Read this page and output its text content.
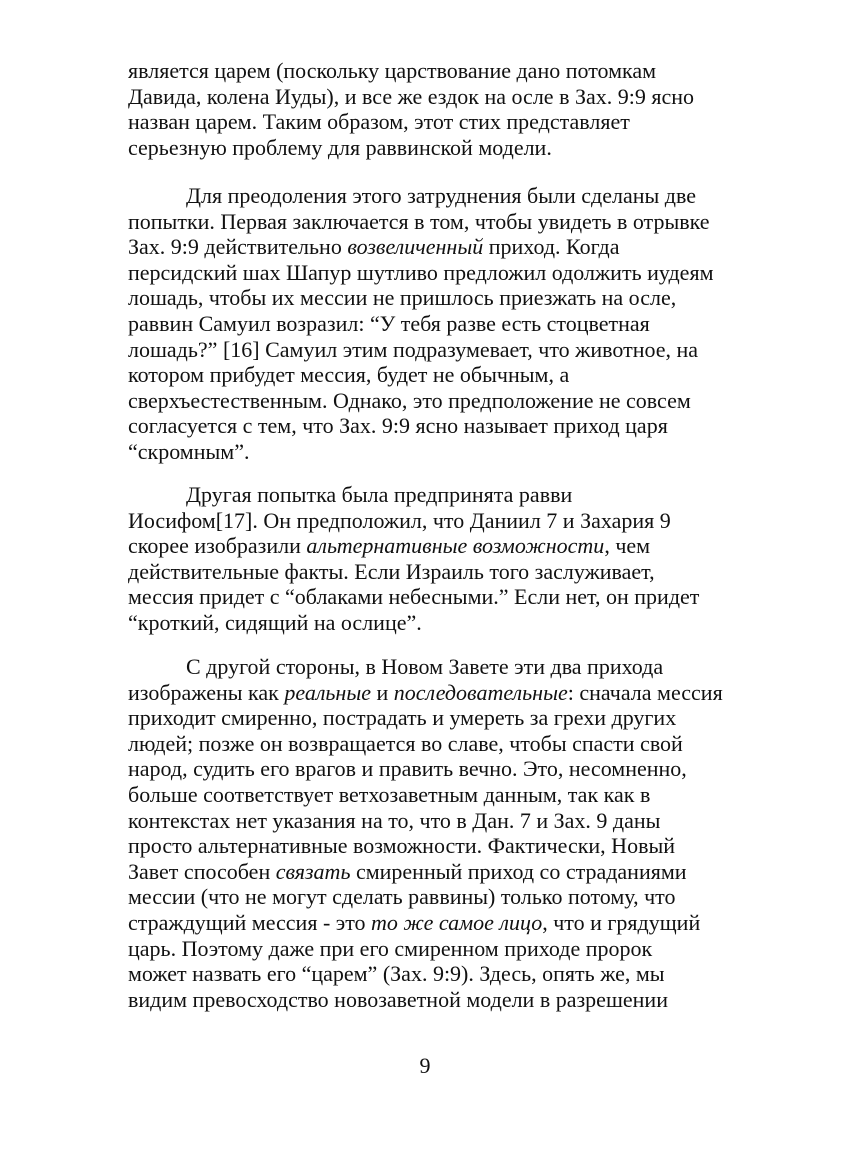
является царем (поскольку царствование дано потомкам
Давида, колена Иуды), и все же ездок на осле в Зах. 9:9 ясно
назван царем. Таким образом, этот стих представляет
серьезную проблему для раввинской модели.
Для преодоления этого затруднения были сделаны две
попытки. Первая заключается в том, чтобы увидеть в отрывке
Зах. 9:9 действительно возвеличенный приход. Когда
персидский шах Шапур шутливо предложил одолжить иудеям
лошадь, чтобы их мессии не пришлось приезжать на осле,
раввин Самуил возразил: “У тебя разве есть стоцветная
лошадь?” [16] Самуил этим подразумевает, что животное, на
котором прибудет мессия, будет не обычным, а
сверхъестественным. Однако, это предположение не совсем
согласуется с тем, что Зах. 9:9 ясно называет приход царя
“скромным”.
Другая попытка была предпринята равви
Иосифом[17]. Он предположил, что Даниил 7 и Захария 9
скорее изобразили альтернативные возможности, чем
действительные факты. Если Израиль того заслуживает,
мессия придет с “облаками небесными.” Если нет, он придет
“кроткий, сидящий на ослице”.
С другой стороны, в Новом Завете эти два прихода
изображены как реальные и последовательные: сначала мессия
приходит смиренно, пострадать и умереть за грехи других
людей; позже он возвращается во славе, чтобы спасти свой
народ, судить его врагов и править вечно. Это, несомненно,
больше соответствует ветхозаветным данным, так как в
контекстах нет указания на то, что в Дан. 7 и Зах. 9 даны
просто альтернативные возможности. Фактически, Новый
Завет способен связать смиренный приход со страданиями
мессии (что не могут сделать раввины) только потому, что
страждущий мессия - это то же самое лицо, что и грядущий
царь. Поэтому даже при его смиренном приходе пророк
может назвать его “царем” (Зах. 9:9). Здесь, опять же, мы
видим превосходство новозаветной модели в разрешении
9
